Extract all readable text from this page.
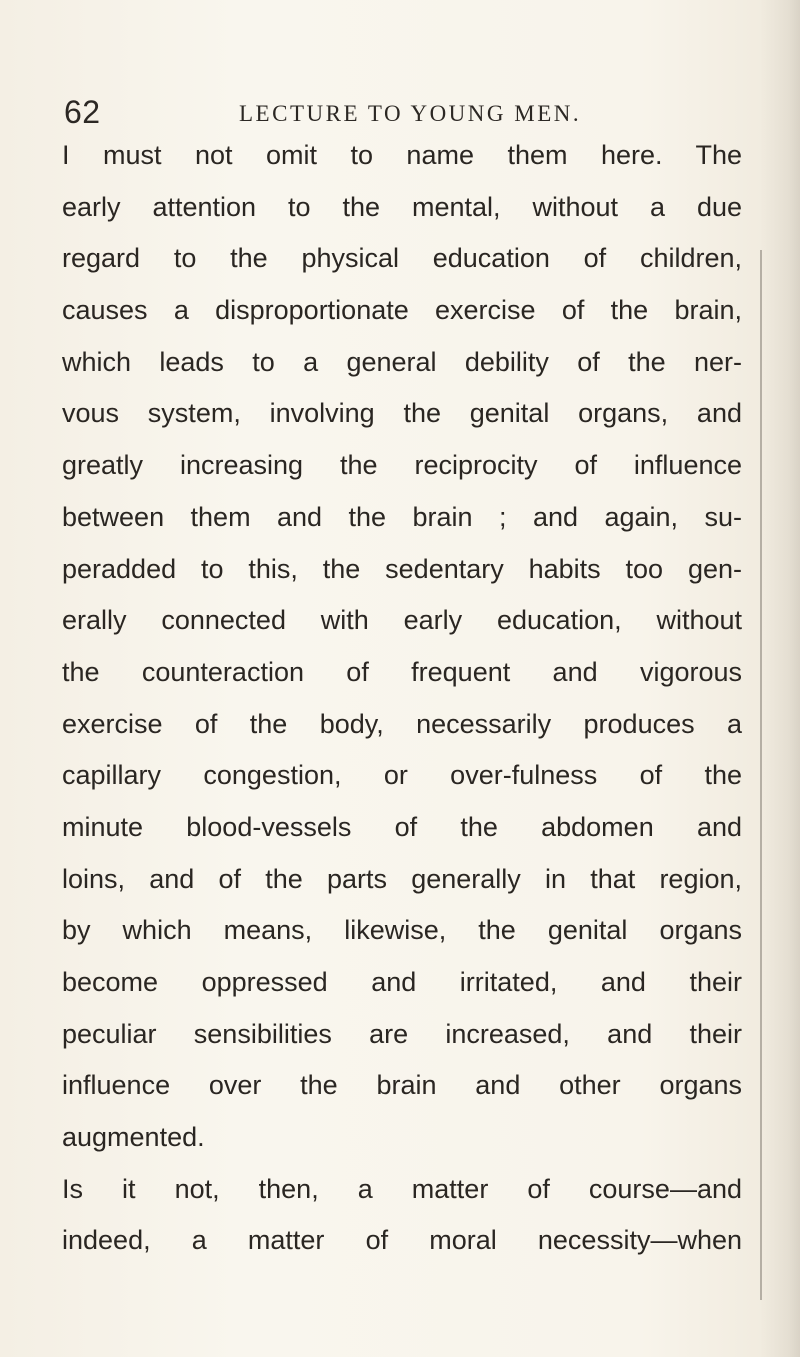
62	LECTURE TO YOUNG MEN.
I must not omit to name them here. The
early attention to the mental, without a due
regard to the physical education of children,
causes a disproportionate exercise of the brain,
which leads to a general debility of the ner-
vous system, involving the genital organs, and
greatly increasing the reciprocity of influence
between them and the brain ; and again, su-
peradded to this, the sedentary habits too gen-
erally connected with early education, without
the counteraction of frequent and vigorous
exercise of the body, necessarily produces a
capillary congestion, or over-fulness of the
minute blood-vessels of the abdomen and
loins, and of the parts generally in that region,
by which means, likewise, the genital organs
become oppressed and irritated, and their
peculiar sensibilities are increased, and their
influence over the brain and other organs
augmented.
Is it not, then, a matter of course—and
indeed, a matter of moral necessity—when
